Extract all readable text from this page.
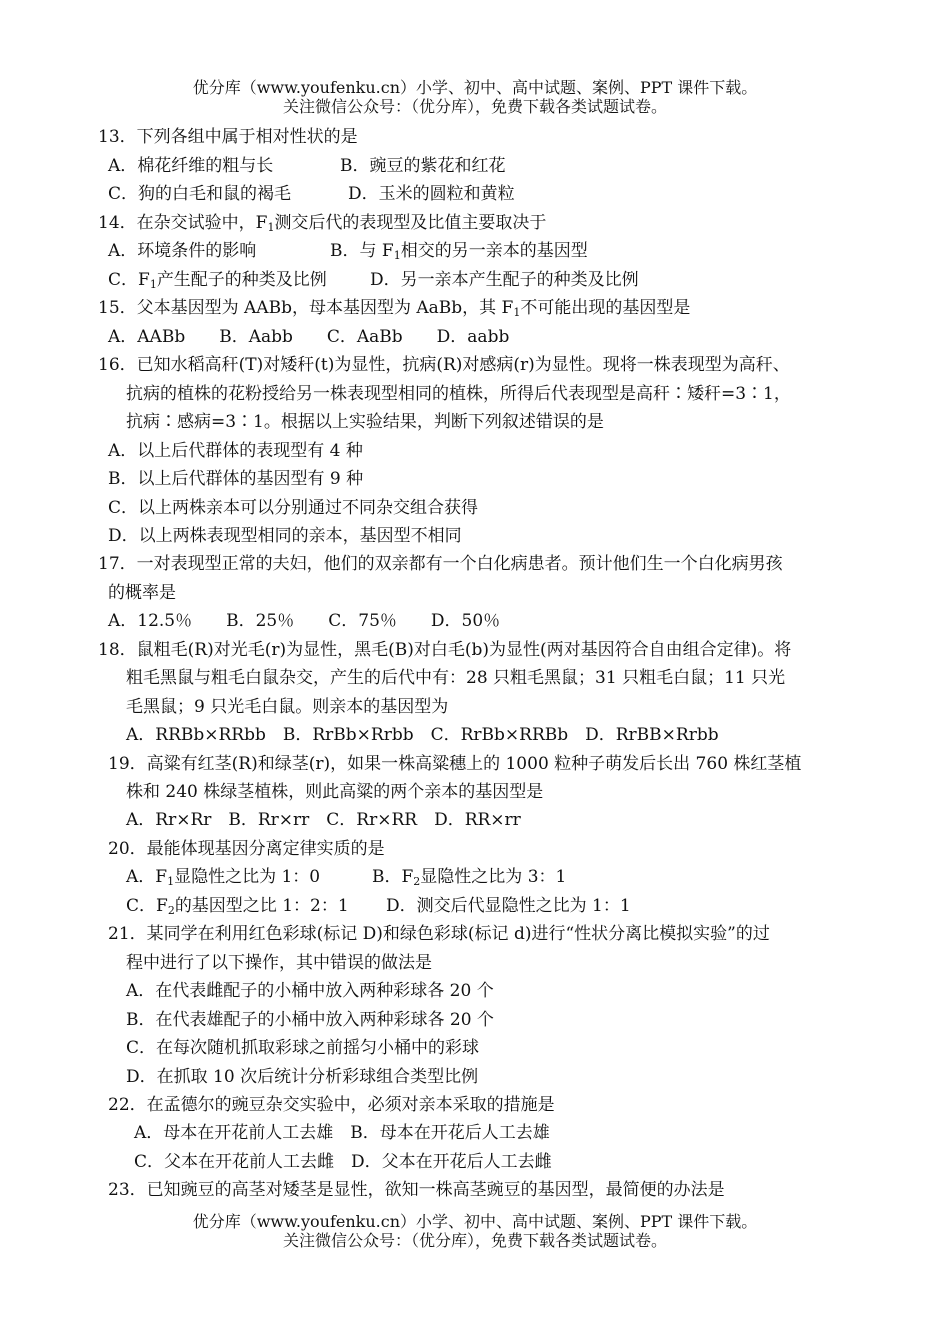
优分库（www.youfenku.cn）小学、初中、高中试题、案例、PPT 课件下载。
关注微信公众号：（优分库），免费下载各类试题试卷。
13．下列各组中属于相对性状的是
A．棉花纤维的粗与长	B．豌豆的紫花和红花
C．狗的白毛和鼠的褐毛	D．玉米的圆粒和黄粒
14．在杂交试验中，$F_1$测交后代的表现型及比值主要取决于
A．环境条件的影响	B．与 $F_1$相交的另一亲本的基因型
C．$F_1$产生配子的种类及比例	D．另一亲本产生配子的种类及比例
15．父本基因型为 AABb，母本基因型为 AaBb，其 $F_1$不可能出现的基因型是
A．AABb　　B．Aabb　　C．AaBb　　D．aabb
16．已知水稻高秆(T)对矮秆(t)为显性，抗病(R)对感病(r)为显性。现将一株表现型为高秆、
抗病的植株的花粉授给另一株表现型相同的植株，所得后代表现型是高秆∶矮秆=3∶1，
抗病∶感病=3∶1。根据以上实验结果，判断下列叙述错误的是
A．以上后代群体的表现型有 4 种
B．以上后代群体的基因型有 9 种
C．以上两株亲本可以分别通过不同杂交组合获得
D．以上两株表现型相同的亲本，基因型不相同
17．一对表现型正常的夫妇，他们的双亲都有一个白化病患者。预计他们生一个白化病男孩
的概率是
A．12.5％　　B．25％　　C．75％　　D．50％
18．鼠粗毛(R)对光毛(r)为显性，黑毛(B)对白毛(b)为显性(两对基因符合自由组合定律)。将
粗毛黑鼠与粗毛白鼠杂交，产生的后代中有：28 只粗毛黑鼠；31 只粗毛白鼠；11 只光
毛黑鼠；9 只光毛白鼠。则亲本的基因型为
A．RRBb×RRbb　B．RrBb×Rrbb　C．RrBb×RRBb　D．RrBB×Rrbb
19．高粱有红茎(R)和绿茎(r)，如果一株高粱穗上的 1000 粒种子萌发后长出 760 株红茎植
株和 240 株绿茎植株，则此高粱的两个亲本的基因型是
A．Rr×Rr　B．Rr×rr　C．Rr×RR　D．RR×rr
20．最能体现基因分离定律实质的是
A．$F_1$显隐性之比为 1：0	B．$F_2$显隐性之比为 3：1
C．$F_2$的基因型之比 1：2：1 D．测交后代显隐性之比为 1：1
21．某同学在利用红色彩球(标记 D)和绿色彩球(标记 d)进行“性状分离比模拟实验”的过
程中进行了以下操作，其中错误的做法是
A．在代表雌配子的小桶中放入两种彩球各 20 个
B．在代表雄配子的小桶中放入两种彩球各 20 个
C．在每次随机抓取彩球之前摇匀小桶中的彩球
D．在抓取 10 次后统计分析彩球组合类型比例
22．在孟德尔的豌豆杂交实验中，必须对亲本采取的措施是
A．母本在开花前人工去雄　B．母本在开花后人工去雄
C．父本在开花前人工去雌　D．父本在开花后人工去雌
23．已知豌豆的高茎对矮茎是显性，欲知一株高茎豌豆的基因型，最简便的办法是
优分库（www.youfenku.cn）小学、初中、高中试题、案例、PPT 课件下载。
关注微信公众号：（优分库），免费下载各类试题试卷。
